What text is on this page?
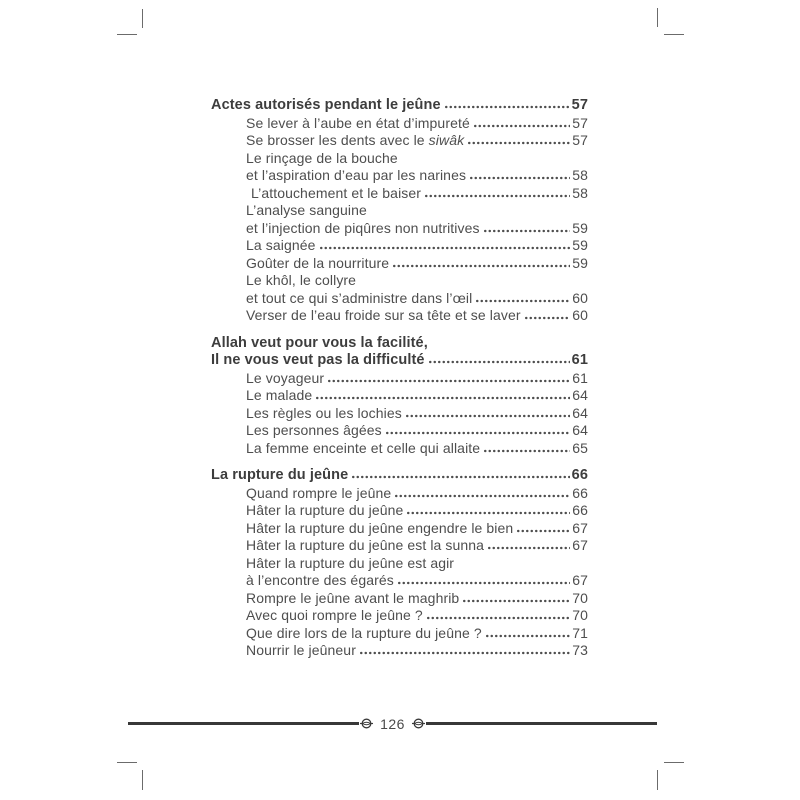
Actes autorisés pendant le jeûne	57
Se lever à l’aube en état d’impureté	57
Se brosser les dents avec le siwâk	57
Le rinçage de la bouche
et l’aspiration d’eau par les narines	58
L’attouchement et le baiser	58
L’analyse sanguine
et l’injection de piqûres non nutritives	59
La saignée	59
Goûter de la nourriture	59
Le khôl, le collyre
et tout ce qui s’administre dans l’œil	60
Verser de l’eau froide sur sa tête et se laver	60
Allah veut pour vous la facilité,
Il ne vous veut pas la difficulté	61
Le voyageur	61
Le malade	64
Les règles ou les lochies	64
Les personnes âgées	64
La femme enceinte et celle qui allaite	65
La rupture du jeûne	66
Quand rompre le jeûne	66
Hâter la rupture du jeûne	66
Hâter la rupture du jeûne engendre le bien	67
Hâter la rupture du jeûne est la sunna	67
Hâter la rupture du jeûne est agir
à l’encontre des égarés	67
Rompre le jeûne avant le maghrib	70
Avec quoi rompre le jeûne ?	70
Que dire lors de la rupture du jeûne ?	71
Nourrir le jeûneur	73
126
